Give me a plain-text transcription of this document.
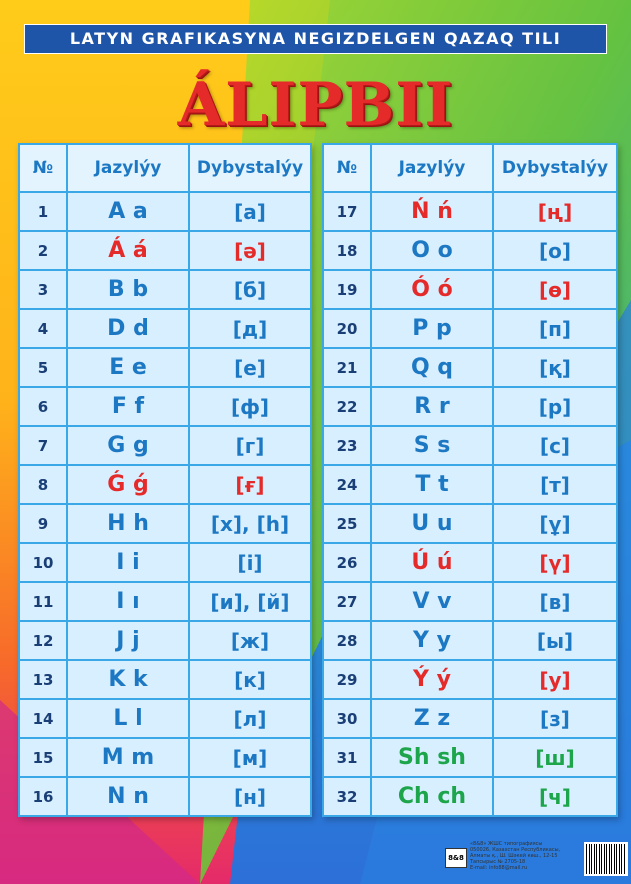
LATYN GRAFIKASYNA NEGIZDELGEN QAZAQ TILI
ÁLIPBII
№	Jazylýy	Dybystalýy
1	A a	[а]
2	Á á	[ә]
3	B b	[б]
4	D d	[д]
5	E e	[е]
6	F f	[ф]
7	G g	[г]
8	Ǵ ǵ	[ғ]
9	H h	[х], [һ]
10	I i	[і]
11	I ı	[и], [й]
12	J j	[ж]
13	K k	[к]
14	L l	[л]
15	M m	[м]
16	N n	[н]
№	Jazylýy	Dybystalýy
17	Ń ń	[ң]
18	O o	[о]
19	Ó ó	[ө]
20	P p	[п]
21	Q q	[қ]
22	R r	[р]
23	S s	[с]
24	T t	[т]
25	U u	[ұ]
26	Ú ú	[ү]
27	V v	[в]
28	Y y	[ы]
29	Ý ý	[у]
30	Z z	[з]
31	Sh sh	[ш]
32	Ch ch	[ч]
8&8
«8&8» ЖШС типографиясы
050026, Казахстан Республикасы,
Алматы қ., Ш. Шәкей көш., 12-15
Тапсырыс № 2705-18
E-mail: info88@mail.ru
